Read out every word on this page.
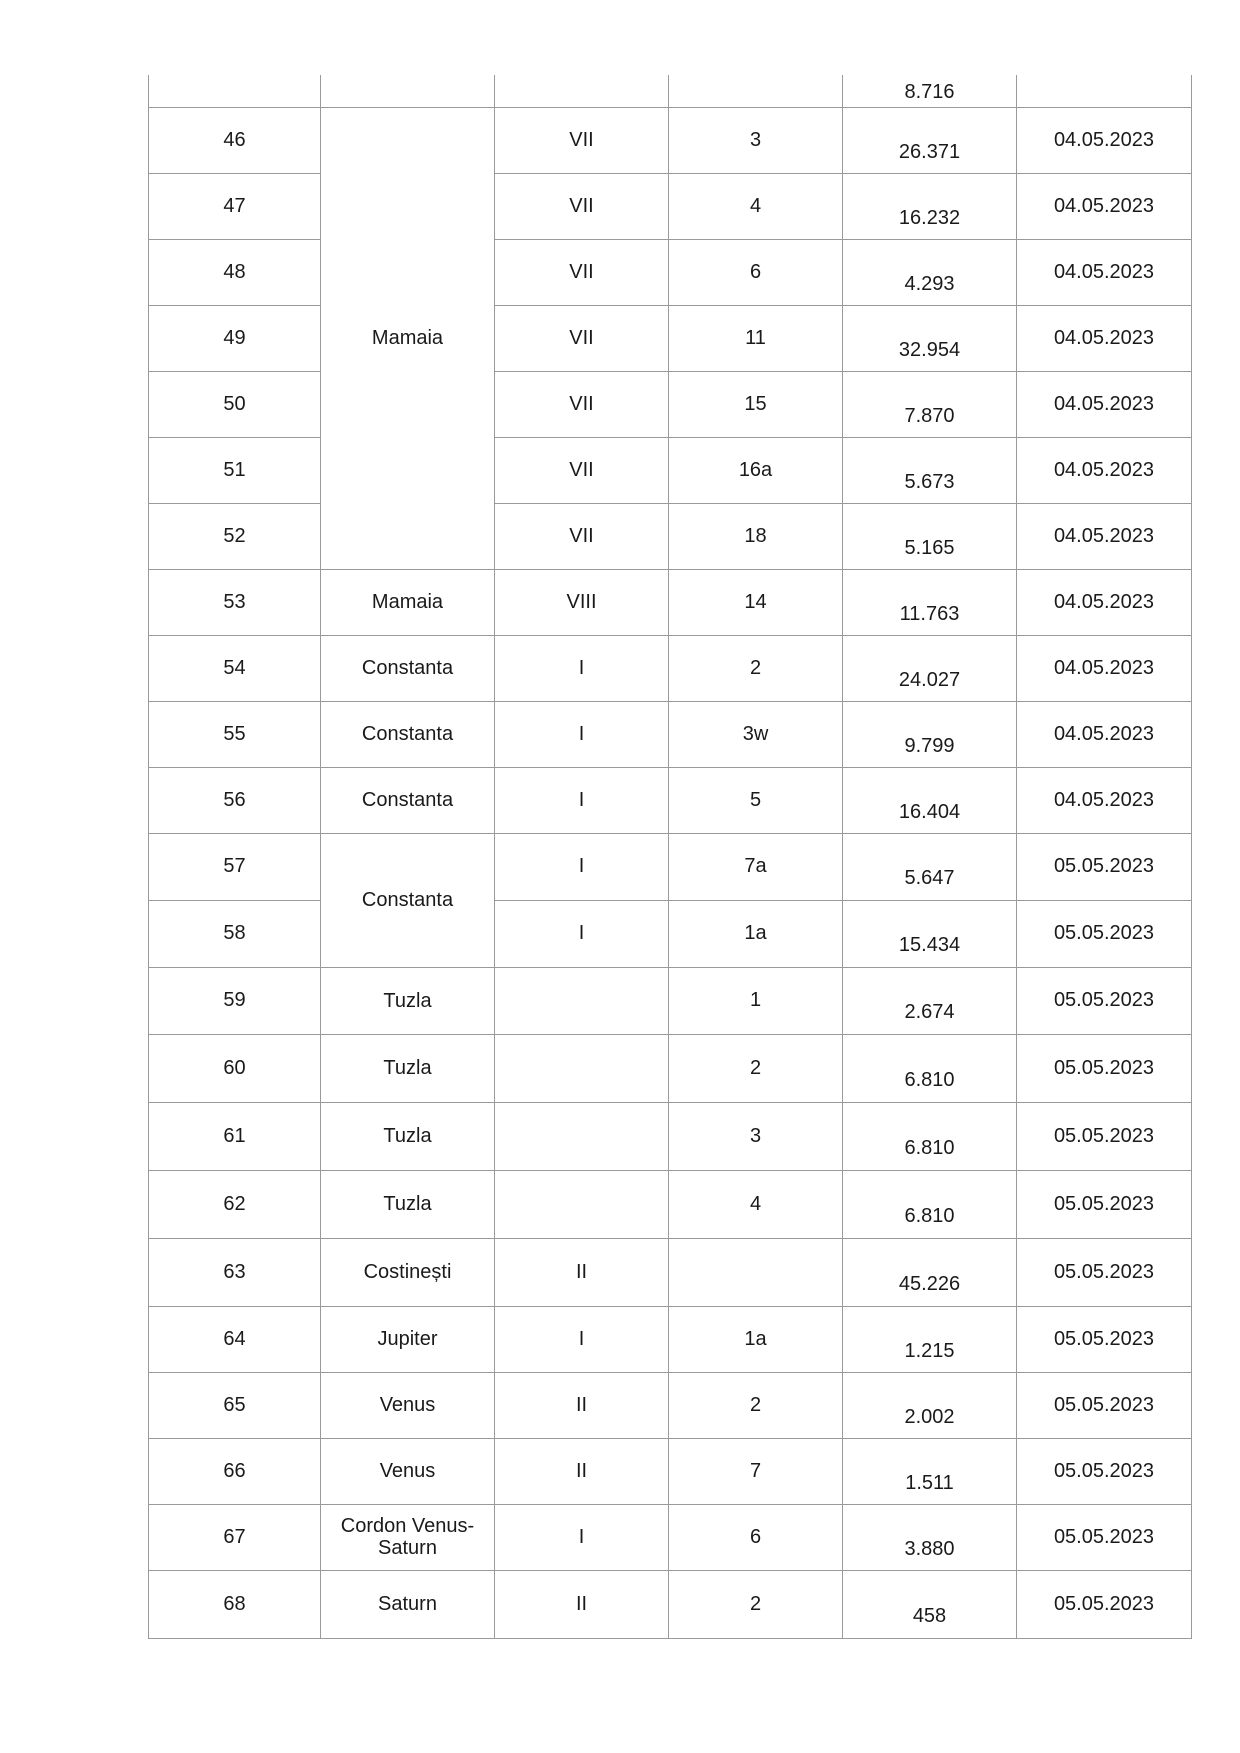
				8.716	

46	Mamaia	VII	3	26.371	04.05.2023

47		VII	4	16.232	04.05.2023

48		VII	6	4.293	04.05.2023

49		VII	11	32.954	04.05.2023

50		VII	15	7.870	04.05.2023

51		VII	16a	5.673	04.05.2023

52		VII	18	5.165	04.05.2023

53	Mamaia	VIII	14	11.763	04.05.2023

54	Constanta	I	2	24.027	04.05.2023

55	Constanta	I	3w	9.799	04.05.2023

56	Constanta	I	5	16.404	04.05.2023

57	Constanta	I	7a	5.647	05.05.2023

58		I	1a	15.434	05.05.2023

59	Tuzla		1	2.674	05.05.2023

60	Tuzla		2	6.810	05.05.2023

61	Tuzla		3	6.810	05.05.2023

62	Tuzla		4	6.810	05.05.2023

63	Costinești	II		45.226	05.05.2023

64	Jupiter	I	1a	1.215	05.05.2023

65	Venus	II	2	2.002	05.05.2023

66	Venus	II	7	1.511	05.05.2023

67	Cordon Venus-Saturn	I	6	3.880	05.05.2023

68	Saturn	II	2	458	05.05.2023
